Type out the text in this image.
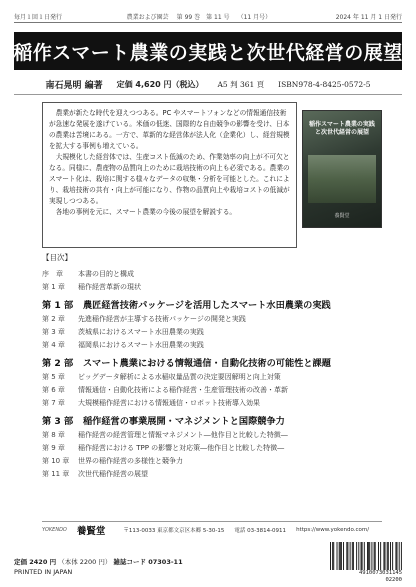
毎月１回１日発行	農業および園芸 第 99 巻　第 11 号 （11 月号）	2024 年 11 月 1 日発行
稲作スマート農業の実践と次世代経営の展望
南石晃明 編著 定価 4,620 円（税込） A5 判 361 頁 ISBN978-4-8425-0572-5

農業が新たな時代を迎えつつある。PC やスマートフォンなどの情報通信技術が急速な発展を遂げている。米価の低迷、国際的な自由競争の影響を受け、日本の農業は苦境にある。一方で、革新的な経営体が法人化（企業化）し、経営規模を拡大する事例も増えている。

大規模化した経営体では、生産コスト低減のため、作業効率の向上が不可欠となる。同様に、農産物の品質向上のために栽培技術の向上も必須である。農業のスマート化は、栽培に関する様々なデータの収集・分析を可能とした。これにより、栽培技術の共有・向上が可能になり、作物の品質向上や栽培コストの低減が実現しつつある。

各地の事例を元に、スマート農業の今後の展望を解説する。

稲作スマート農業の実践と次世代経営の展望
養賢堂
【目次】
序　章	本書の目的と構成
第 1 章	稲作経営革新の現状
第 1 部	農匠経営技術パッケージを活用したスマート水田農業の実践
第 2 章	先進稲作経営が主導する技術パッケージの開発と実践
第 3 章	茨城県におけるスマート水田農業の実践
第 4 章	福岡県におけるスマート水田農業の実践
第 2 部	スマート農業における情報通信・自動化技術の可能性と課題
第 5 章	ビッグデータ解析による水稲収量品質の決定要因解明と向上対策
第 6 章	情報通信・自動化技術による稲作経営・生産管理技術の改善・革新
第 7 章	大規模稲作経営における情報通信・ロボット技術導入効果
第 3 部	稲作経営の事業展開・マネジメントと国際競争力
第 8 章	稲作経営の経営管理と情報マネジメント―他作目と比較した特徴―
第 9 章	稲作経営における TPP の影響と対応策―他作目と比較した特徴―
第 10 章	世界の稲作経営の多様性と競争力
第 11 章	次世代稲作経営の展望
YOKENDO 養賢堂	〒113-0033 東京都文京区本郷 5-30-15 電話 03-3814-0911 https://www.yokendo.com/
定価 2420 円 （本体 2200 円） 雑誌コード 07303-11
PRINTED IN JAPAN	4910073031145
02200
